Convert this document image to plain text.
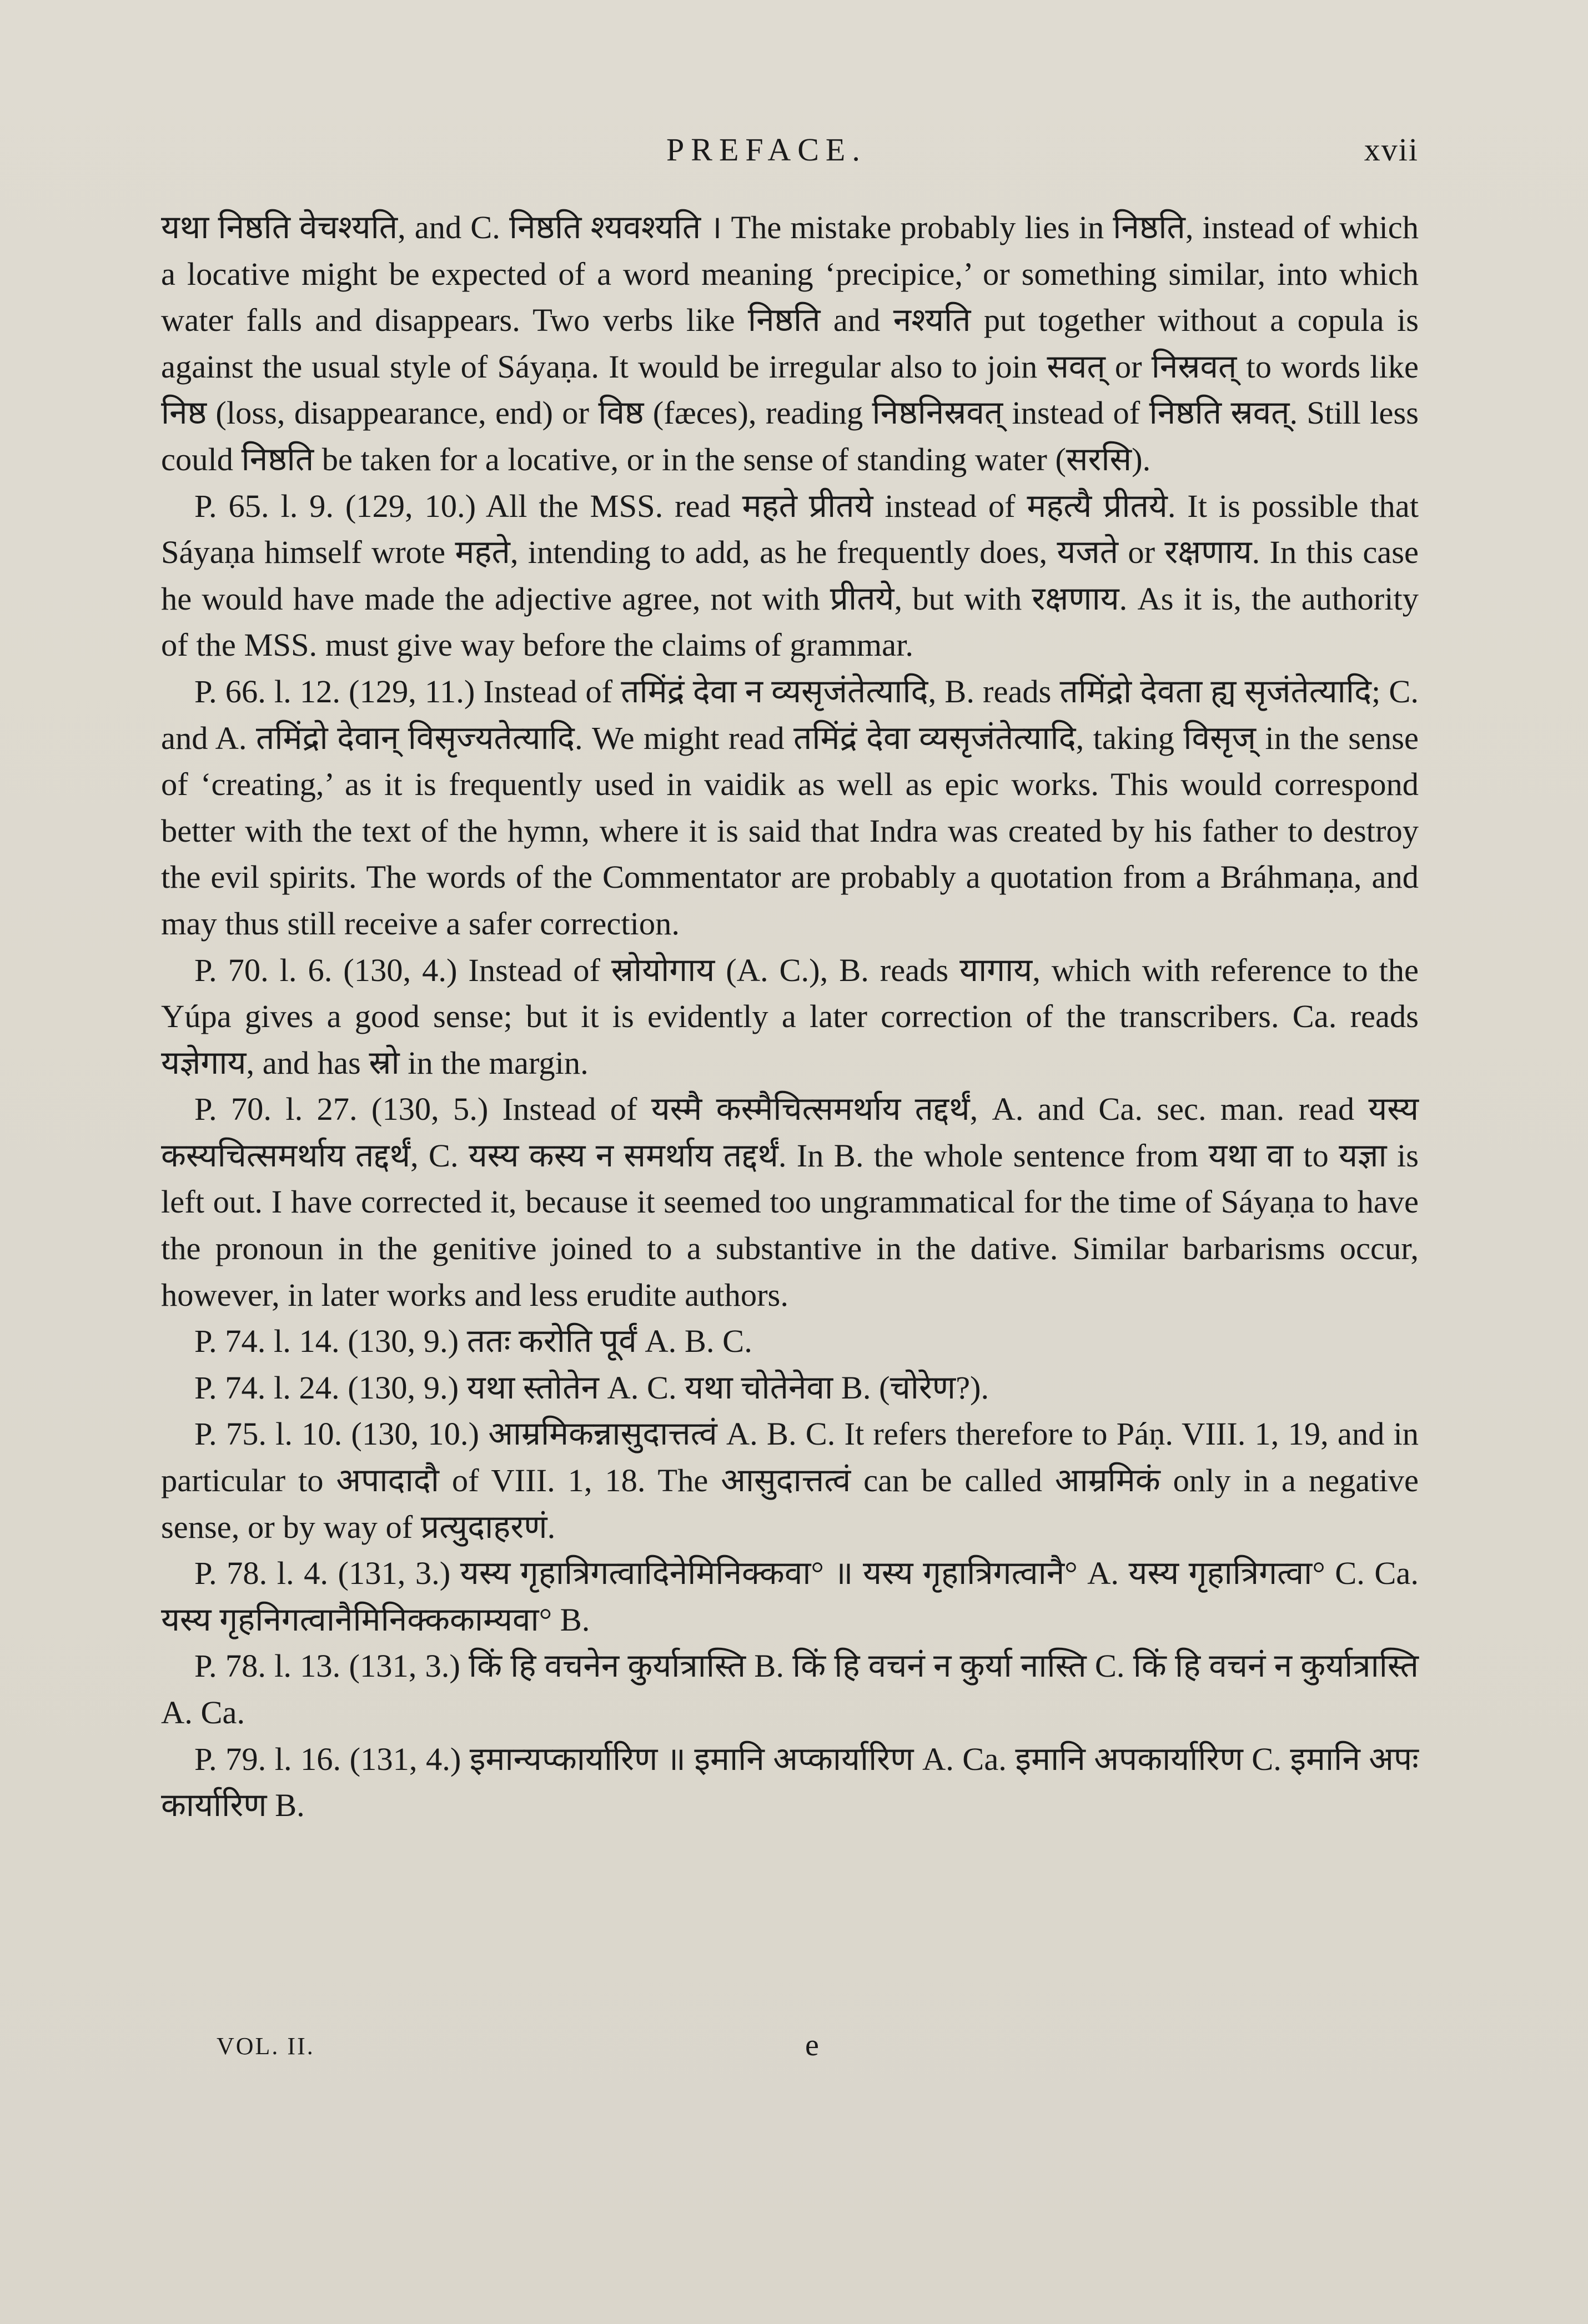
PREFACE.	xvii

यथा निष्ठति वेचश्यति, and C. निष्ठति श्यवश्यति । The mistake probably lies in निष्ठति, instead of which a locative might be expected of a word meaning ‘precipice,’ or something similar, into which water falls and disappears. Two verbs like निष्ठति and नश्यति put together without a copula is against the usual style of Sáyaṇa. It would be irregular also to join सवत् or निस्रवत् to words like निष्ठ (loss, disappearance, end) or विष्ठ (fæces), reading निष्ठनिस्रवत् instead of निष्ठति स्रवत्. Still less could निष्ठति be taken for a locative, or in the sense of standing water (सरसि).

P. 65. l. 9. (129, 10.) All the MSS. read महते प्रीतये instead of महत्यै प्रीतये. It is possible that Sáyaṇa himself wrote महते, intending to add, as he frequently does, यजते or रक्षणाय. In this case he would have made the adjective agree, not with प्रीतये, but with रक्षणाय. As it is, the authority of the MSS. must give way before the claims of grammar.

P. 66. l. 12. (129, 11.) Instead of तमिंद्रं देवा न व्यसृजंतेत्यादि, B. reads तमिंद्रो देवता ह्य सृजंतेत्यादि; C. and A. तमिंद्रो देवान् विसृज्यतेत्यादि. We might read तमिंद्रं देवा व्यसृजंतेत्यादि, taking विसृज् in the sense of ‘creating,’ as it is frequently used in vaidik as well as epic works. This would correspond better with the text of the hymn, where it is said that Indra was created by his father to destroy the evil spirits. The words of the Commentator are probably a quotation from a Bráhmaṇa, and may thus still receive a safer correction.

P. 70. l. 6. (130, 4.) Instead of स्रोयोगाय (A. C.), B. reads यागाय, which with reference to the Yúpa gives a good sense; but it is evidently a later correction of the transcribers. Ca. reads यज्ञेगाय, and has स्रो in the margin.

P. 70. l. 27. (130, 5.) Instead of यस्मै कस्मैचित्समर्थाय तद्दर्थं, A. and Ca. sec. man. read यस्य कस्यचित्समर्थाय तद्दर्थं, C. यस्य कस्य न समर्थाय तद्दर्थं. In B. the whole sentence from यथा वा to यज्ञा is left out. I have corrected it, because it seemed too ungrammatical for the time of Sáyaṇa to have the pronoun in the genitive joined to a substantive in the dative. Similar barbarisms occur, however, in later works and less erudite authors.

P. 74. l. 14. (130, 9.) ततः करोति पूर्वं A. B. C.

P. 74. l. 24. (130, 9.) यथा स्तोतेन A. C. यथा चोतेनेवा B. (चोरेण?).

P. 75. l. 10. (130, 10.) आम्रमिकन्नासुदात्तत्वं A. B. C. It refers therefore to Páṇ. VIII. 1, 19, and in particular to अपादादौ of VIII. 1, 18. The आसुदात्तत्वं can be called आम्रमिकं only in a negative sense, or by way of प्रत्युदाहरणं.

P. 78. l. 4. (131, 3.) यस्य गृहात्रिगत्वादिनेमिनिक्कवा° ॥ यस्य गृहात्रिगत्वानै° A. यस्य गृहात्रिगत्वा° C. Ca. यस्य गृहनिगत्वानैमिनिक्ककाम्यवा° B.

P. 78. l. 13. (131, 3.) किं हि वचनेन कुर्यात्रास्ति B. किं हि वचनं न कुर्या नास्ति C. किं हि वचनं न कुर्यात्रास्ति A. Ca.

P. 79. l. 16. (131, 4.) इमान्यप्कार्यारिण ॥ इमानि अप्कार्यारिण A. Ca. इमानि अपकार्यारिण C. इमानि अपः कार्यारिण B.

VOL. II.	e
